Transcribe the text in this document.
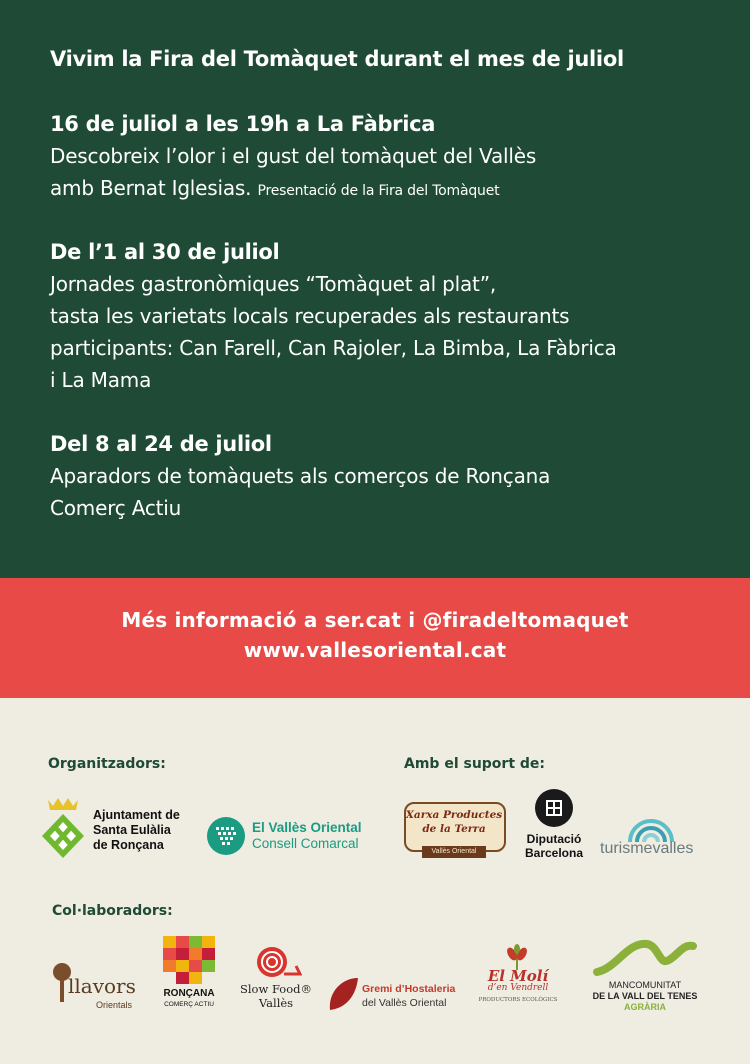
Vivim la Fira del Tomàquet durant el mes de juliol
16 de juliol a les 19h a La Fàbrica
Descobreix l’olor i el gust del tomàquet del Vallès
amb Bernat Iglesias. Presentació de la Fira del Tomàquet
De l’1 al 30 de juliol
Jornades gastronòmiques “Tomàquet al plat”,
tasta les varietats locals recuperades als restaurants
participants: Can Farell, Can Rajoler, La Bimba, La Fàbrica
i La Mama
Del 8 al 24 de juliol
Aparadors de tomàquets als comerços de Ronçana
Comerç Actiu
Més informació a ser.cat i @firadeltomaquet
www.vallesoriental.cat
Organitzadors:	Amb el suport de:
Ajuntament de
Santa Eulàlia
de Ronçana
El Vallès Oriental
Consell Comarcal
Xarxa Productes
de la Terra
Vallès Oriental
Diputació
Barcelona	turismevalles
Col·laboradors:
llavors
Orientals
RONÇANA
COMERÇ ACTIU
Slow Food®
Vallès
Gremi d’Hostaleria
del Vallès Oriental
El Molí
d’en Vendrell
PRODUCTORS ECOLÒGICS
MANCOMUNITAT
DE LA VALL DEL TENES
AGRÀRIA
